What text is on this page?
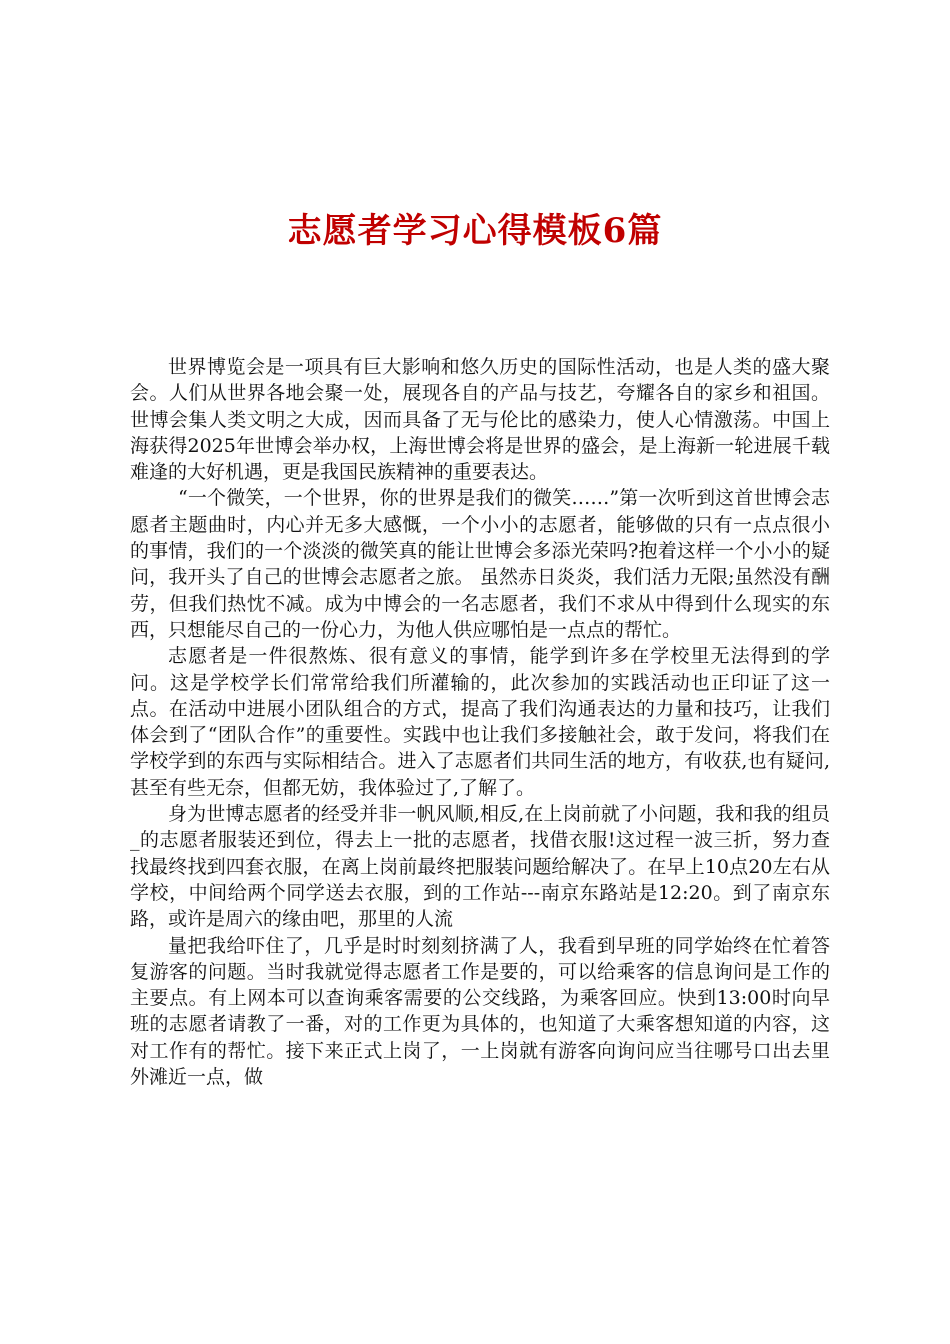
志愿者学习心得模板6篇

世界博览会是一项具有巨大影响和悠久历史的国际性活动，也是人类的盛大聚会。人们从世界各地会聚一处，展现各自的产品与技艺，夸耀各自的家乡和祖国。世博会集人类文明之大成，因而具备了无与伦比的感染力，使人心情激荡。中国上海获得2025年世博会举办权，上海世博会将是世界的盛会，是上海新一轮进展千载难逢的大好机遇，更是我国民族精神的重要表达。

“一个微笑，一个世界，你的世界是我们的微笑……”第一次听到这首世博会志愿者主题曲时，内心并无多大感慨，一个小小的志愿者，能够做的只有一点点很小的事情，我们的一个淡淡的微笑真的能让世博会多添光荣吗?抱着这样一个小小的疑问，我开头了自己的世博会志愿者之旅。 虽然赤日炎炎，我们活力无限;虽然没有酬劳，但我们热忱不减。成为中博会的一名志愿者，我们不求从中得到什么现实的东西，只想能尽自己的一份心力，为他人供应哪怕是一点点的帮忙。

志愿者是一件很熬炼、很有意义的事情，能学到许多在学校里无法得到的学问。这是学校学长们常常给我们所灌输的，此次参加的实践活动也正印证了这一点。在活动中进展小团队组合的方式，提高了我们沟通表达的力量和技巧，让我们体会到了“团队合作”的重要性。实践中也让我们多接触社会，敢于发问，将我们在学校学到的东西与实际相结合。进入了志愿者们共同生活的地方，有收获,也有疑问,甚至有些无奈，但都无妨，我体验过了,了解了。

身为世博志愿者的经受并非一帆风顺,相反,在上岗前就了小问题，我和我的组员_的志愿者服装还到位，得去上一批的志愿者，找借衣服!这过程一波三折，努力查找最终找到四套衣服，在离上岗前最终把服装问题给解决了。在早上10点20左右从学校，中间给两个同学送去衣服，到的工作站---南京东路站是12:20。到了南京东路，或许是周六的缘由吧，那里的人流

量把我给吓住了，几乎是时时刻刻挤满了人，我看到早班的同学始终在忙着答复游客的问题。当时我就觉得志愿者工作是要的，可以给乘客的信息询问是工作的主要点。有上网本可以查询乘客需要的公交线路，为乘客回应。快到13:00时向早班的志愿者请教了一番，对的工作更为具体的，也知道了大乘客想知道的内容，这对工作有的帮忙。接下来正式上岗了，一上岗就有游客向询问应当往哪号口出去里外滩近一点，做
